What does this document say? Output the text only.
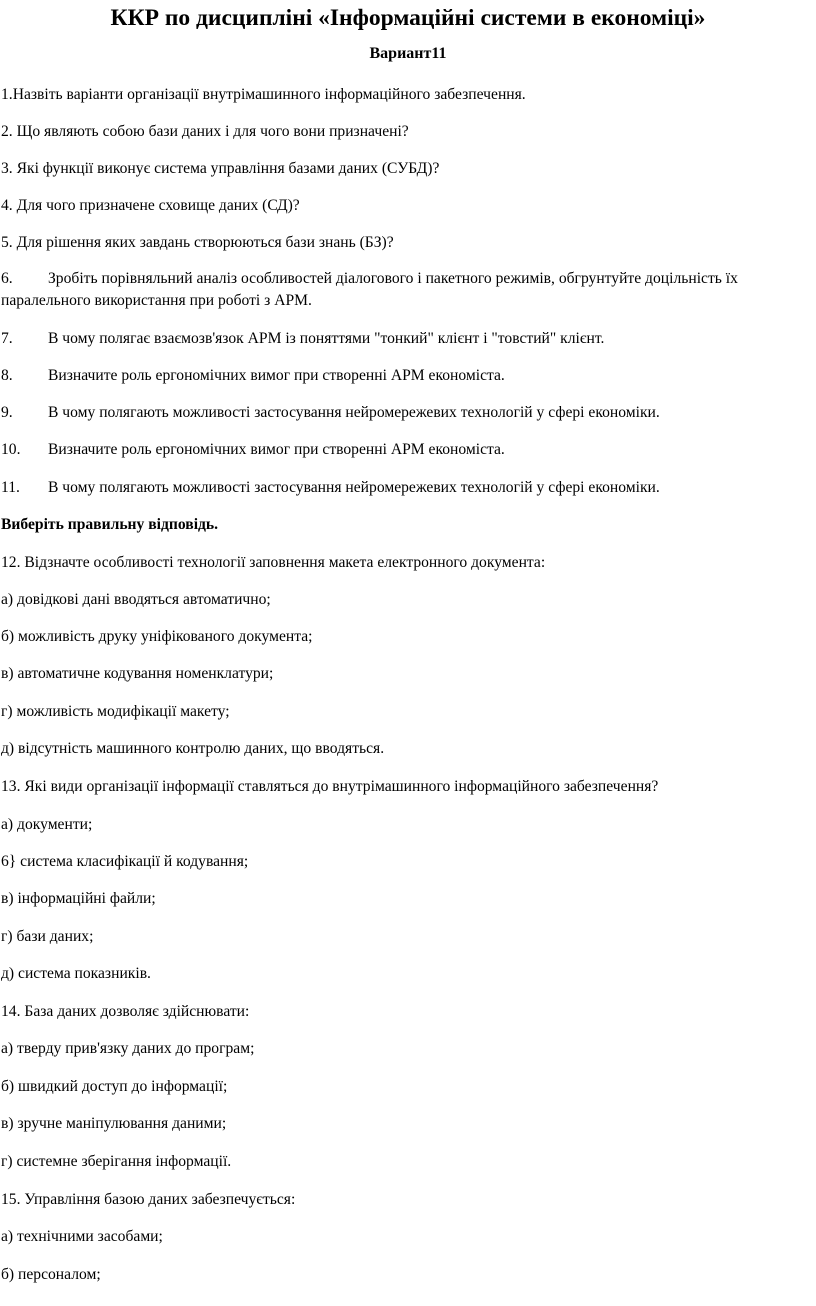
ККР по дисципліні «Інформаційні системи в економіці»
Вариант11
1.Назвіть варіанти організації внутрімашинного інформаційного забезпечення.
2. Що являють собою бази даних і для чого вони призначені?
3. Які функції виконує система управління базами даних (СУБД)?
4. Для чого призначене сховище даних (СД)?
5. Для рішення яких завдань створюються бази знань (БЗ)?
6. Зробіть порівняльний аналіз особливостей діалогового і пакетного режимів, обгрунтуйте доцільність їх паралельного використання при роботі з АРМ.
7. В чому полягає взаємозв'язок АРМ із поняттями "тонкий" клієнт і "товстий" клієнт.
8. Визначите роль ергономічних вимог при створенні АРМ економіста.
9. В чому полягають можливості застосування нейромережевих технологій у сфері економіки.
10. Визначите роль ергономічних вимог при створенні АРМ економіста.
11. В чому полягають можливості застосування нейромережевих технологій у сфері економіки.
Виберіть правильну відповідь.
12. Відзначте особливості технології заповнення макета електронного документа:
а) довідкові дані вводяться автоматично;
б) можливість друку уніфікованого документа;
в) автоматичне кодування номенклатури;
г) можливість модифікації макету;
д) відсутність машинного контролю даних, що вводяться.
13. Які види організації інформації ставляться до внутрімашинного інформаційного забезпечення?
а) документи;
6} система класифікації й кодування;
в) інформаційні файли;
г) бази даних;
д) система показників.
14. База даних дозволяє здійснювати:
а) тверду прив'язку даних до програм;
б) швидкий доступ до інформації;
в) зручне маніпулювання даними;
г) системне зберігання інформації.
15. Управління базою даних забезпечується:
а) технічними засобами;
б) персоналом;
